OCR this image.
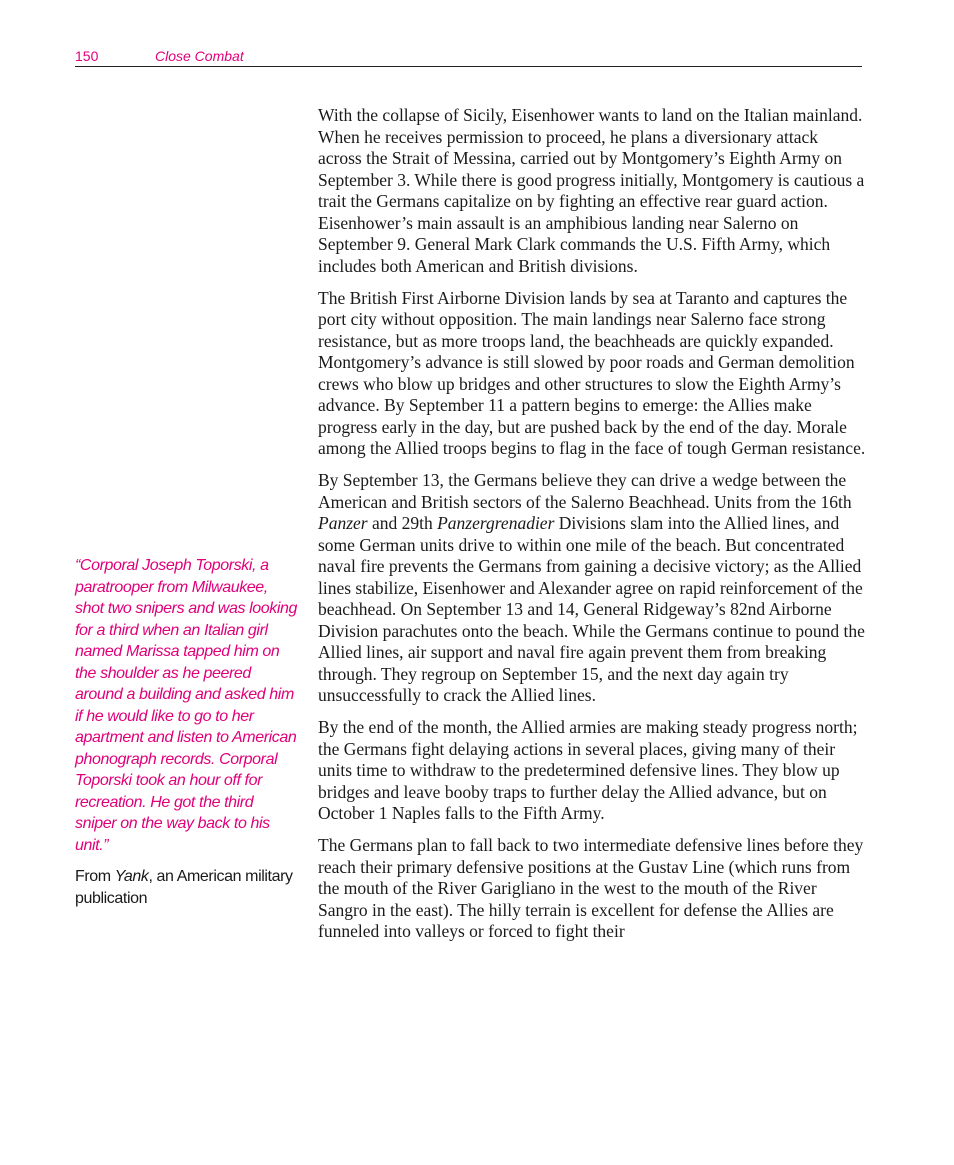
150	Close Combat

“Corporal Joseph Toporski, a paratrooper from Milwaukee, shot two snipers and was looking for a third when an Italian girl named Marissa tapped him on the shoulder as he peered around a building and asked him if he would like to go to her apartment and listen to American phonograph records. Corporal Toporski took an hour off for recreation. He got the third sniper on the way back to his unit.”

From Yank, an American military publication

With the collapse of Sicily, Eisenhower wants to land on the Italian mainland. When he receives permission to proceed, he plans a diversionary attack across the Strait of Messina, carried out by Montgomery’s Eighth Army on September 3. While there is good progress initially, Montgomery is cautious a trait the Germans capitalize on by fighting an effective rear guard action. Eisenhower’s main assault is an amphibious landing near Salerno on September 9. General Mark Clark commands the U.S. Fifth Army, which includes both American and British divisions.

The British First Airborne Division lands by sea at Taranto and captures the port city without opposition. The main landings near Salerno face strong resistance, but as more troops land, the beachheads are quickly expanded. Montgomery’s advance is still slowed by poor roads and German demolition crews who blow up bridges and other structures to slow the Eighth Army’s advance. By September 11 a pattern begins to emerge: the Allies make progress early in the day, but are pushed back by the end of the day. Morale among the Allied troops begins to flag in the face of tough German resistance.

By September 13, the Germans believe they can drive a wedge between the American and British sectors of the Salerno Beachhead. Units from the 16th Panzer and 29th Panzergrenadier Divisions slam into the Allied lines, and some German units drive to within one mile of the beach. But concentrated naval fire prevents the Germans from gaining a decisive victory; as the Allied lines stabilize, Eisenhower and Alexander agree on rapid reinforcement of the beachhead. On September 13 and 14, General Ridgeway’s 82nd Airborne Division parachutes onto the beach. While the Germans continue to pound the Allied lines, air support and naval fire again prevent them from breaking through. They regroup on September 15, and the next day again try unsuccessfully to crack the Allied lines.

By the end of the month, the Allied armies are making steady progress north; the Germans fight delaying actions in several places, giving many of their units time to withdraw to the predetermined defensive lines. They blow up bridges and leave booby traps to further delay the Allied advance, but on October 1 Naples falls to the Fifth Army.

The Germans plan to fall back to two intermediate defensive lines before they reach their primary defensive positions at the Gustav Line (which runs from the mouth of the River Garigliano in the west to the mouth of the River Sangro in the east). The hilly terrain is excellent for defense the Allies are funneled into valleys or forced to fight their
